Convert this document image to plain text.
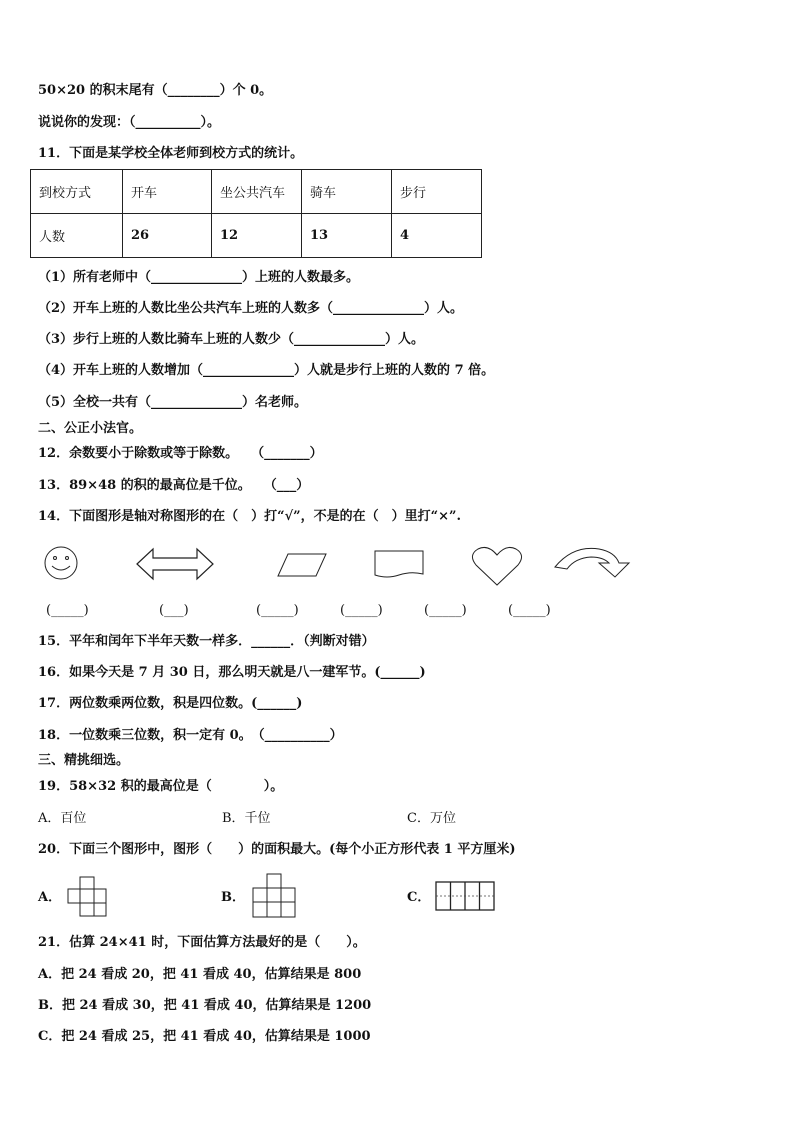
50×20 的积末尾有（________）个 0。
说说你的发现：（__________）。
11．下面是某学校全体老师到校方式的统计。
到校方式	开车	坐公共汽车	骑车	步行
人数	26	12	13	4
（1）所有老师中（______________）上班的人数最多。
（2）开车上班的人数比坐公共汽车上班的人数多（______________）人。
（3）步行上班的人数比骑车上班的人数少（______________）人。
（4）开车上班的人数增加（______________）人就是步行上班的人数的 7 倍。
（5）全校一共有（______________）名老师。
二、公正小法官。
12．余数要小于除数或等于除数。　　（_______）
13．89×48 的积的最高位是千位。　　（___）
14．下面图形是轴对称图形的在（　）打“√”，不是的在（　）里打“×”.
(_____)	(___)	(_____)	(_____)	(_____)	(_____)
15．平年和闰年下半年天数一样多．______．（判断对错）
16．如果今天是 7 月 30 日，那么明天就是八一建军节。(______)
17．两位数乘两位数，积是四位数。(______)
18．一位数乘三位数，积一定有 0。　（__________）
三、精挑细选。
19．58×32 积的最高位是（　　　　）。
A．百位	B．千位	C．万位
20．下面三个图形中，图形（　　）的面积最大。(每个小正方形代表 1 平方厘米)
A．	B．	C．
21．估算 24×41 时，下面估算方法最好的是（　　）。
A．把 24 看成 20，把 41 看成 40，估算结果是 800
B．把 24 看成 30，把 41 看成 40，估算结果是 1200
C．把 24 看成 25，把 41 看成 40，估算结果是 1000
